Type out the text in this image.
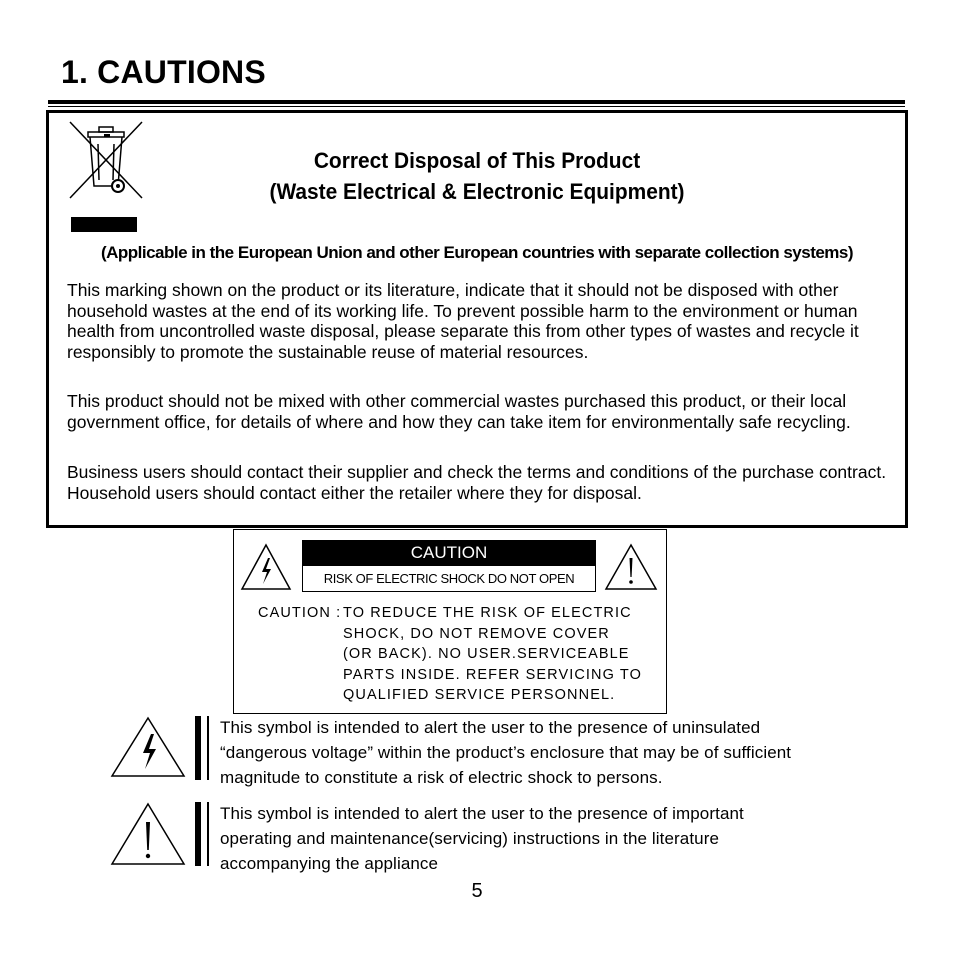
1. CAUTIONS
Correct Disposal of This Product
(Waste Electrical & Electronic Equipment)
(Applicable in the European Union and other European countries with separate collection systems)
This marking shown on the product or its literature, indicate that it should not be disposed with other household wastes at the end of its working life. To prevent possible harm to the environment or human health from uncontrolled waste disposal, please separate this from other types of wastes and recycle it responsibly to promote the sustainable reuse of material resources.
This product should not be mixed with other commercial wastes purchased this product, or their local government office, for details of where and how they can take item for environmentally safe recycling.
Business users should contact their supplier and check the terms and conditions of the purchase contract. Household users should contact either the retailer where they for disposal.
CAUTION
RISK OF ELECTRIC SHOCK DO NOT OPEN
CAUTION : TO REDUCE THE RISK OF ELECTRIC
SHOCK, DO NOT REMOVE COVER
(OR BACK). NO USER.SERVICEABLE
PARTS INSIDE. REFER SERVICING TO
QUALIFIED SERVICE PERSONNEL.
This symbol is intended to alert the user to the presence of uninsulated “dangerous voltage” within the product’s enclosure that may be of sufficient magnitude to constitute a risk of electric shock to persons.
This symbol is intended to alert the user to the presence of important operating and maintenance(servicing) instructions in the literature accompanying the appliance
5
